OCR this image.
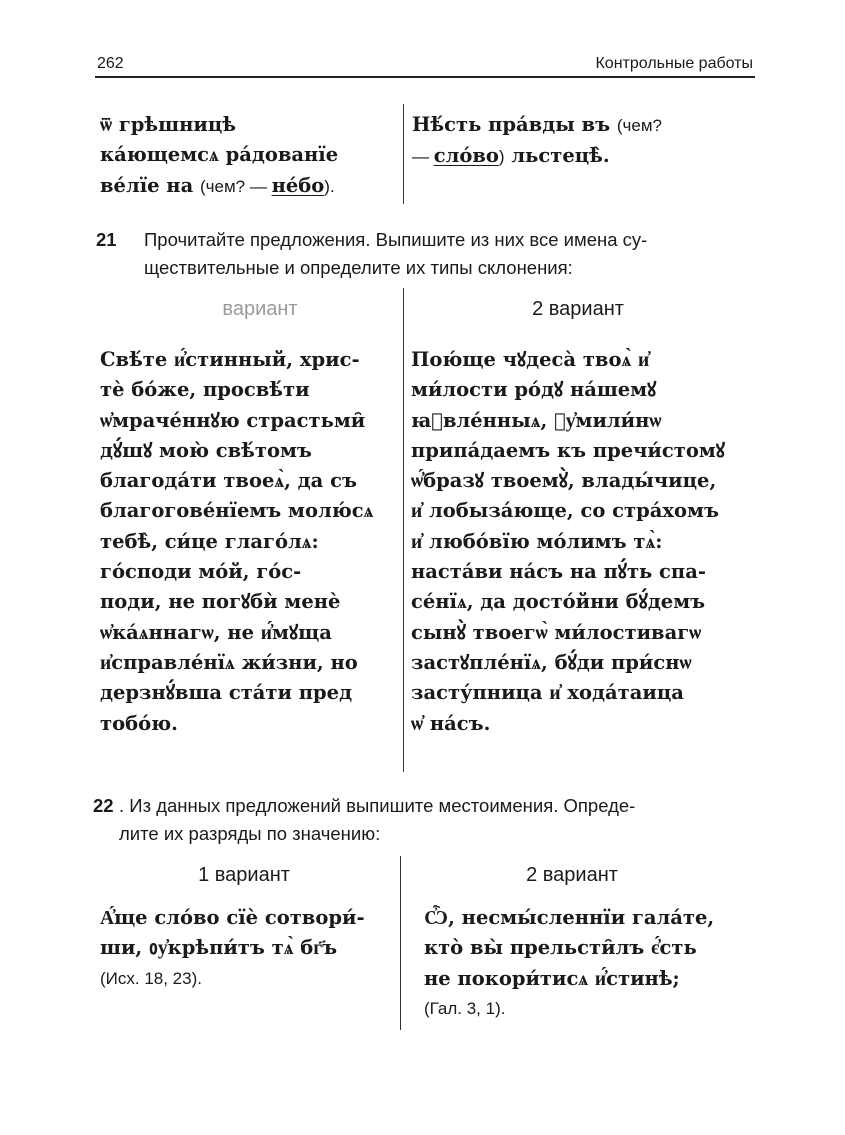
262	Контрольные работы
ѿ грѣшницѣ
ка́ющемсѧ ра́дованїе
ве́лїе на (чем? — не́бо).
Нѣ́сть пра́вды въ (чем?
— сло́во) льстецѣ̀.
21 Прочитайте предложения. Выпишите из них все имена су-
ществительные и определите их типы склонения:
вариант	2 вариант
Свѣ́те и҆́стинный, хрис-
тѐ бо́же, просвѣ́ти
ѡ҆мраче́ннꙋю страстьми̑
дꙋ́шꙋ мою̀ свѣ́томъ
благода́ти твоеѧ̀, да съ
благогове́нїемъ молю́сѧ
тебѣ̀, си́це глаго́лѧ:
го́споди мо́й, го́с-
поди, не погꙋбѝ менѐ
ѡ҆ка́ѧннагѡ, не и҆́мꙋща
и҆справле́нїѧ жи́зни, но
дерзнꙋ́вша ста́ти пред
тобо́ю.
Пою́ще чꙋдеса̀ твоѧ̀ и҆
ми́лости ро́дꙋ на́шемꙋ
ꙗ҆вле́нныѧ, ᲂу҆мили́нѡ
припа́даемъ къ пречи́стомꙋ
ѡ҆́бразꙋ твоемꙋ̀, влады́чице,
и҆ лобыза́юще, со стра́хомъ
и҆ любо́вїю мо́лимъ тѧ̀:
наста́ви на́съ на пꙋ́ть спа-
се́нїѧ, да досто́йни бꙋ́демъ
сынꙋ̀ твоегѡ̀ ми́лостивагѡ
застꙋпле́нїѧ, бꙋ́ди при́снѡ
засту́пница и҆ хода́таица
ѡ҆ на́съ.
22 . Из данных предложений выпишите местоимения. Опреде-
лите их разряды по значению:
1 вариант	2 вариант
А҆́ще сло́во сїѐ сотвори́-
ши, ᲂу҆крѣпи́тъ тѧ̀ бг҃ъ
(Исх. 18, 23).
Ѽ, несмы́сленнїи гала́те,
ктò вы̀ прельсти̑лъ є҆́сть
не покори́тисѧ и҆́стинѣ;
(Гал. 3, 1).
